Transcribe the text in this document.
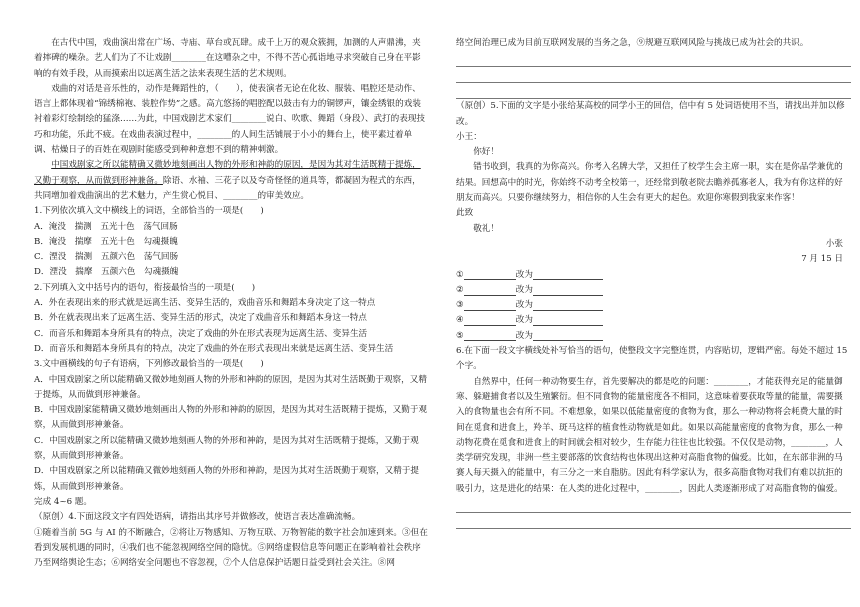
在古代中国，戏曲演出常在广场、寺庙、草台或瓦肆。成千上万的观众簇拥，加测的人声鼎沸，夹着摔碑的噪杂。艺人们为了不让戏剧________在这嘈杂之中，不得不苦心孤诣地寻求突破自己身在平影响的有效手段，从而摸索出以远离生活之法来表现生活的艺术规则。

戏曲的对话是音乐性的，动作是舞蹈性的，（　　），使表演者无论在化妆、服装、唱腔还是动作、语言上都体现着“锦绣棉袍、装腔作势”之感。高亢悠扬的唱腔配以鼓击有力的铜锣声，镶金绣银的戏装衬着彩灯绘制绘的猛涤……为此，中国戏剧艺术家们________说白、吹歌、舞蹈（身段）、武打的表现技巧和功能，乐此不疲。在戏曲表演过程中，________的人间生活铺展于小小的舞台上，使平素过着单调、枯燥日子的百姓在观剧时能感受到种种意想不到的精神刺激。

中国戏剧家之所以能精确又微妙地刻画出人物的外形和神韵的原因，是因为其对生活既精于提炼，又勤于观察，从而做到形神兼备。除语、水袖、三花子以及夸奇怪怪的道具等，都凝固为程式的东西，共同增加着戏曲演出的艺术魅力，产生赏心悦目、________的审美效应。

1.下列依次填入文中横线上的词语，全部恰当的一项是(　　)

A．淹没　揣测　五光十色　荡气回肠

B．淹没　揣摩　五光十色　勾魂摄魄

C．湮没　揣测　五颜六色　荡气回肠

D．湮没　揣摩　五颜六色　勾魂摄魄

2.下列填入文中括号内的语句，衔接最恰当的一项是(　　)

A．外在表现出来的形式就是远离生活、变异生活的，戏曲音乐和舞蹈本身决定了这一特点

B．外在就表现出来了远离生活、变异生活的形式，决定了戏曲音乐和舞蹈本身这一特点

C．而音乐和舞蹈本身所具有的特点，决定了戏曲的外在形式表现为远离生活、变异生活

D．而音乐和舞蹈本身所具有的特点，决定了戏曲的外在形式表现出来就是远离生活、变异生活

3.文中画横线的句子有语病，下列修改最恰当的一项是(　　)

A．中国戏剧家之所以能精确又微妙地刻画人物的外形和神韵的原因，是因为其对生活既勤于观察，又精于提炼，从而做到形神兼备。

B．中国戏剧家能精确又微妙地刻画出人物的外形和神韵的原因，是因为其对生活既精于提炼，又勤于观察，从而做到形神兼备。

C．中国戏剧家之所以能精确又微妙地刻画人物的外形和神韵，是因为其对生活既精于提炼，又勤于观察，从而做到形神兼备。

D．中国戏剧家之所以能精确又微妙地刻画人物的外形和神韵，是因为其对生活既勤于观察，又精于提炼，从而做到形神兼备。

完成 4~6 题。

（原创）4.下面这段文字有四处语病，请指出其序号并做修改，使语言表达准确流畅。

①随着当前 5G 与 AI 的不断融合，②将让万物感知、万物互联、万物智能的数字社会加速到来。③但在看到发展机遇的同时，④我们也不能忽视网络空间的隐忧。⑤网络虚假信息等问题正在影响着社会秩序乃至网络舆论生态；⑥网络安全问题也不容忽视，⑦个人信息保护话题日益受到社会关注。⑧网

络空间治理已成为目前互联网发展的当务之急，⑨规避互联网风险与挑战已成为社会的共识。

（原创）5.下面的文字是小张给某高校的同学小王的回信，信中有 5 处词语使用不当，请找出并加以修改。

小王：

你好！

错书收到，我真的为你高兴。你考入名牌大学，又担任了校学生会主席一职，实在是你品学兼优的结果。回想高中的时光，你始终不动考全校第一，还经常到敬老院去瞻养孤寡老人，我为有你这样的好朋友而高兴。只要你继续努力，相信你的人生会有更大的起色。欢迎你寒假到我家来作客！

此致

敬礼！

小张

7 月 15 日

①	改为
②	改为
③	改为
④	改为
⑤	改为

6.在下面一段文字横线处补写恰当的语句，使整段文字完整连贯，内容贴切，逻辑严密。每处不超过 15 个字。

自然界中，任何一种动物要生存，首先要解决的都是吃的问题：________，才能获得充足的能量御寒、躲避捕食者以及生殖繁衍。但不同食物的能量密度各不相同，这意味着要获取等量的能量，需要摄入的食物量也会有所不同。不难想象，如果以低能量密度的食物为食，那么一种动物将会耗费大量的时间在觅食和进食上，羚羊、斑马这样的植食性动物就是如此。如果以高能量密度的食物为食，那么一种动物花费在觅食和进食上的时间就会相对较少，生存能力往往也比较强。不仅仅是动物，________，人类学研究发现，非洲一些主要部落的饮食结构也体现出这种对高脂食物的偏爱。比如，在东部非洲的马赛人每天摄入的能量中，有三分之一来自脂肪。因此有科学家认为，很多高脂食物对我们有难以抗拒的吸引力，这是进化的结果：在人类的进化过程中，________，因此人类逐渐形成了对高脂食物的偏爱。
